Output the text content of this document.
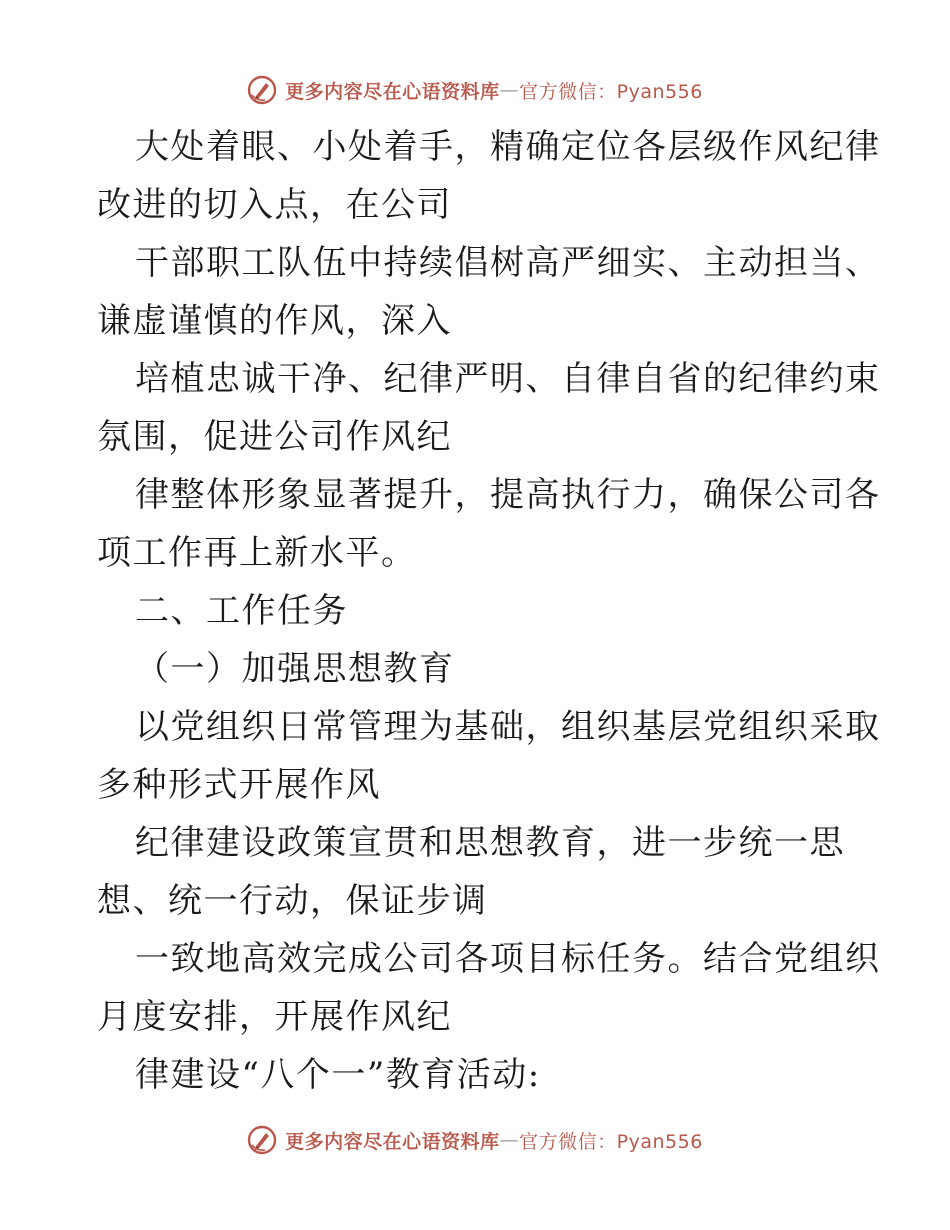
更多内容尽在心语资料库 — 官方微信：Pyan556
大处着眼、小处着手，精确定位各层级作风纪律
改进的切入点，在公司
干部职工队伍中持续倡树高严细实、主动担当、
谦虚谨慎的作风，深入
培植忠诚干净、纪律严明、自律自省的纪律约束
氛围，促进公司作风纪
律整体形象显著提升，提高执行力，确保公司各
项工作再上新水平。
二、工作任务
（一）加强思想教育
以党组织日常管理为基础，组织基层党组织采取
多种形式开展作风
纪律建设政策宣贯和思想教育，进一步统一思
想、统一行动，保证步调
一致地高效完成公司各项目标任务。结合党组织
月度安排，开展作风纪
律建设“八个一”教育活动:
更多内容尽在心语资料库 — 官方微信：Pyan556
